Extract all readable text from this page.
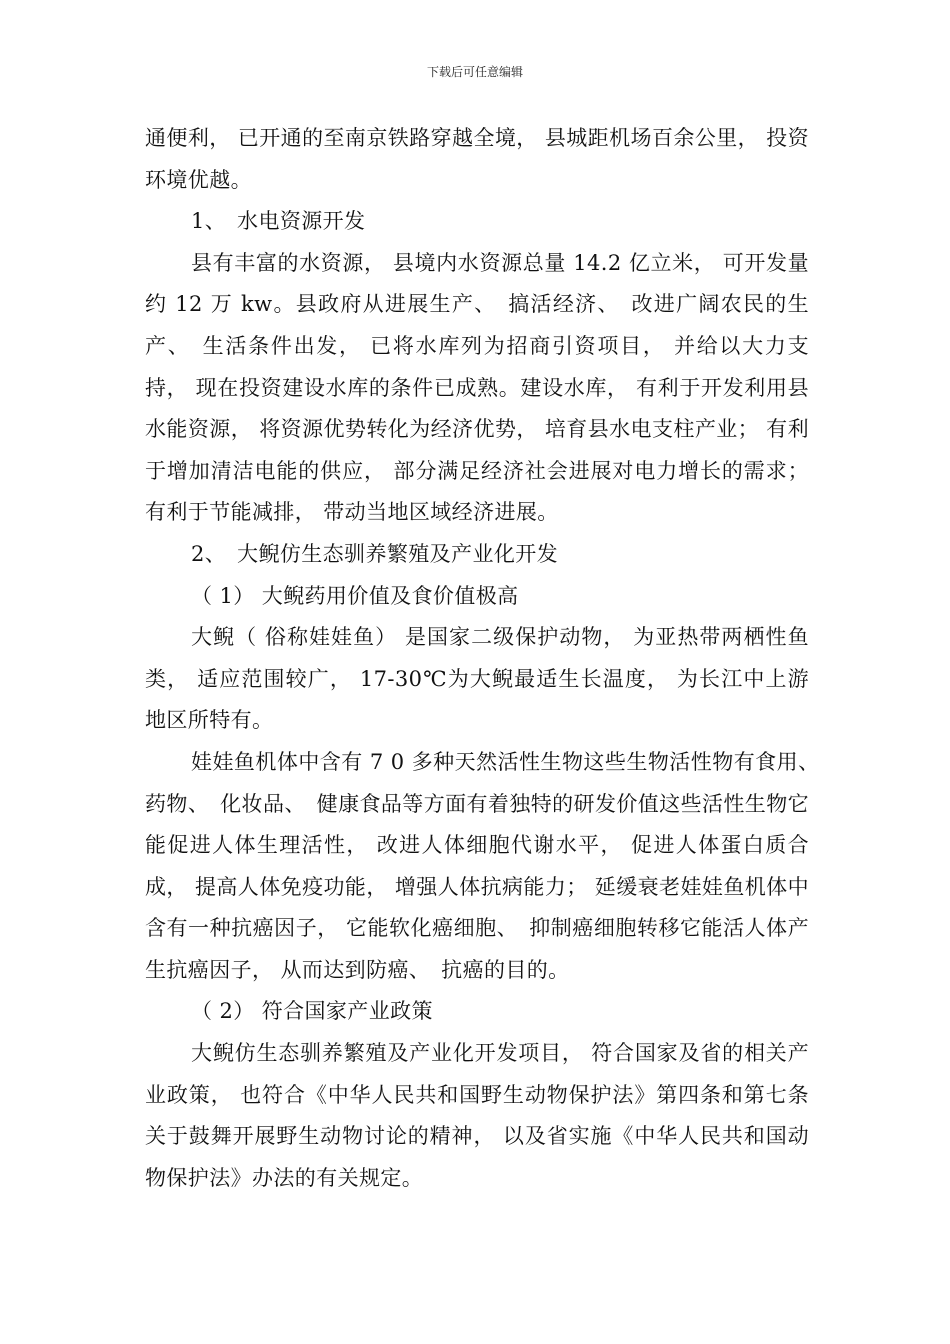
下载后可任意编辑

通便利， 已开通的至南京铁路穿越全境， 县城距机场百余公里， 投资环境优越。

1、　水电资源开发

县有丰富的水资源， 县境内水资源总量 14.2 亿立米， 可开发量约 12 万 kw。县政府从进展生产、　搞活经济、　改进广阔农民的生产、　生活条件出发， 已将水库列为招商引资项目， 并给以大力支持， 现在投资建设水库的条件已成熟。建设水库， 有利于开发利用县水能资源， 将资源优势转化为经济优势， 培育县水电支柱产业； 有利于增加清洁电能的供应， 部分满足经济社会进展对电力增长的需求； 有利于节能减排， 带动当地区域经济进展。

2、　大鲵仿生态驯养繁殖及产业化开发

（ 1） 大鲵药用价值及食价值极高

大鲵（ 俗称娃娃鱼） 是国家二级保护动物， 为亚热带两栖性鱼类， 适应范围较广， 17-30℃为大鲵最适生长温度， 为长江中上游地区所特有。

娃娃鱼机体中含有 7 0 多种天然活性生物这些生物活性物有食用、　药物、　化妆品、　健康食品等方面有着独特的研发价值这些活性生物它能促进人体生理活性， 改进人体细胞代谢水平， 促进人体蛋白质合成， 提高人体免疫功能， 增强人体抗病能力； 延缓衰老娃娃鱼机体中含有一种抗癌因子， 它能软化癌细胞、　抑制癌细胞转移它能活人体产生抗癌因子， 从而达到防癌、　抗癌的目的。

（ 2） 符合国家产业政策

大鲵仿生态驯养繁殖及产业化开发项目， 符合国家及省的相关产业政策， 也符合《中华人民共和国野生动物保护法》第四条和第七条关于鼓舞开展野生动物讨论的精神， 以及省实施《中华人民共和国动物保护法》办法的有关规定。
